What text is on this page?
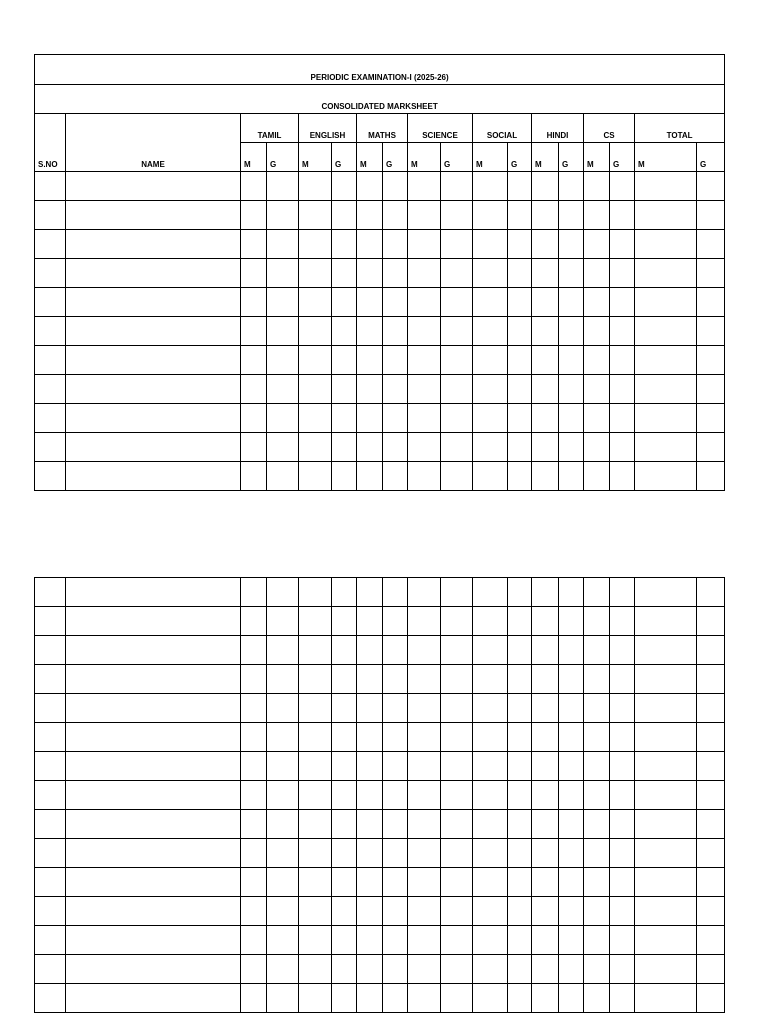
PERIODIC EXAMINATION-I (2025-26)																	
CONSOLIDATED MARKSHEET																	
		TAMIL		ENGLISH		MATHS		SCIENCE		SOCIAL		HINDI		CS		TOTAL	
S.NO	NAME	M	G	M	G	M	G	M	G	M	G	M	G	M	G	M	G
